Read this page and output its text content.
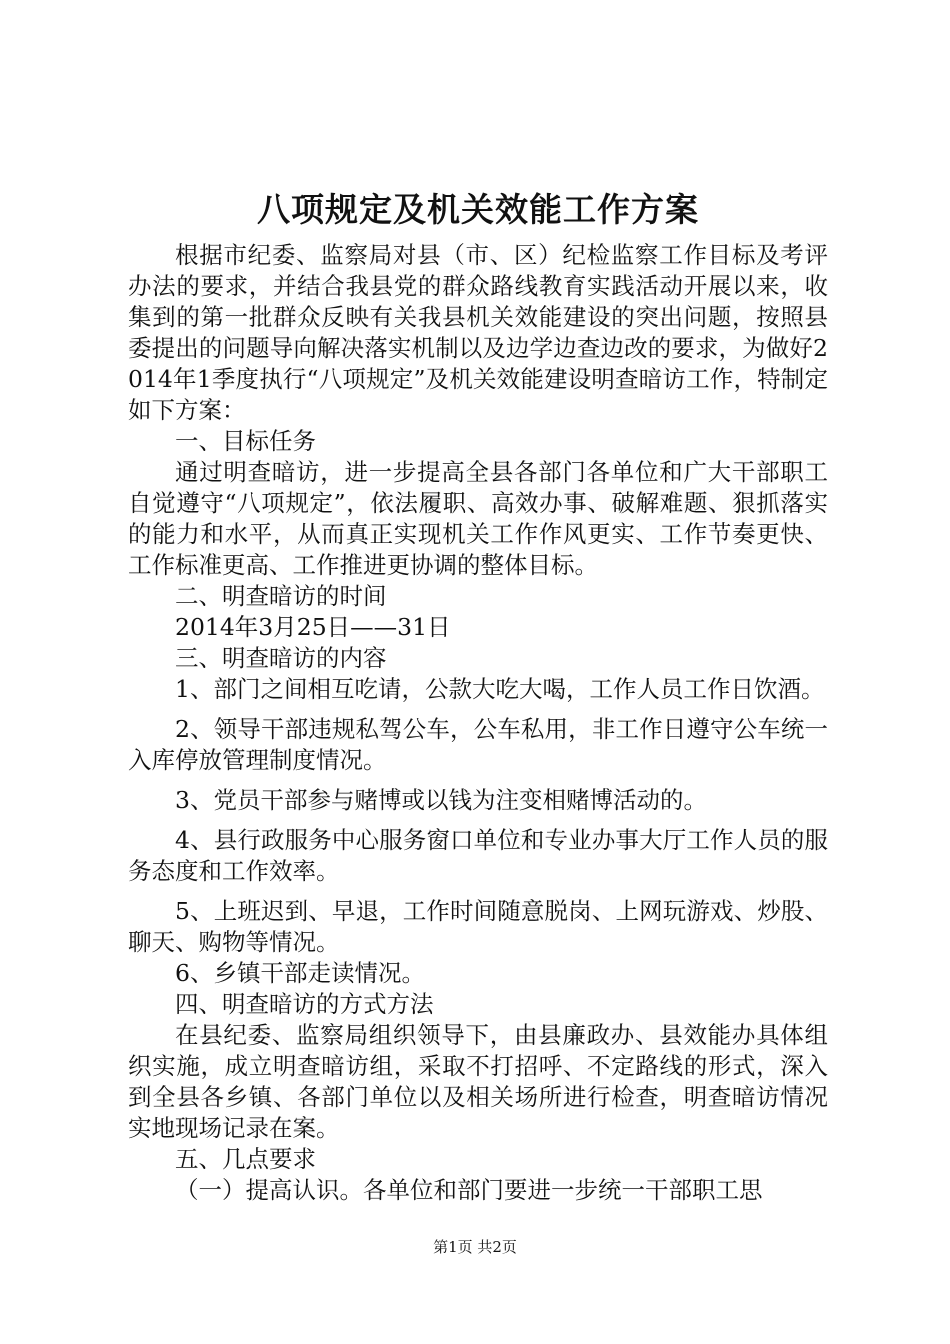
八项规定及机关效能工作方案

根据市纪委、监察局对县（市、区）纪检监察工作目标及考评办法的要求，并结合我县党的群众路线教育实践活动开展以来，收集到的第一批群众反映有关我县机关效能建设的突出问题，按照县委提出的问题导向解决落实机制以及边学边查边改的要求，为做好2014年1季度执行“八项规定”及机关效能建设明查暗访工作，特制定如下方案：

一、目标任务

通过明查暗访，进一步提高全县各部门各单位和广大干部职工自觉遵守“八项规定”，依法履职、高效办事、破解难题、狠抓落实的能力和水平，从而真正实现机关工作作风更实、工作节奏更快、工作标准更高、工作推进更协调的整体目标。

二、明查暗访的时间

2014年3月25日——31日

三、明查暗访的内容

1、部门之间相互吃请，公款大吃大喝，工作人员工作日饮酒。

2、领导干部违规私驾公车，公车私用，非工作日遵守公车统一入库停放管理制度情况。

3、党员干部参与赌博或以钱为注变相赌博活动的。

4、县行政服务中心服务窗口单位和专业办事大厅工作人员的服务态度和工作效率。

5、上班迟到、早退，工作时间随意脱岗、上网玩游戏、炒股、聊天、购物等情况。

6、乡镇干部走读情况。

四、明查暗访的方式方法

在县纪委、监察局组织领导下，由县廉政办、县效能办具体组织实施，成立明查暗访组，采取不打招呼、不定路线的形式，深入到全县各乡镇、各部门单位以及相关场所进行检查，明查暗访情况实地现场记录在案。

五、几点要求

（一）提高认识。各单位和部门要进一步统一干部职工思

第1页 共2页
